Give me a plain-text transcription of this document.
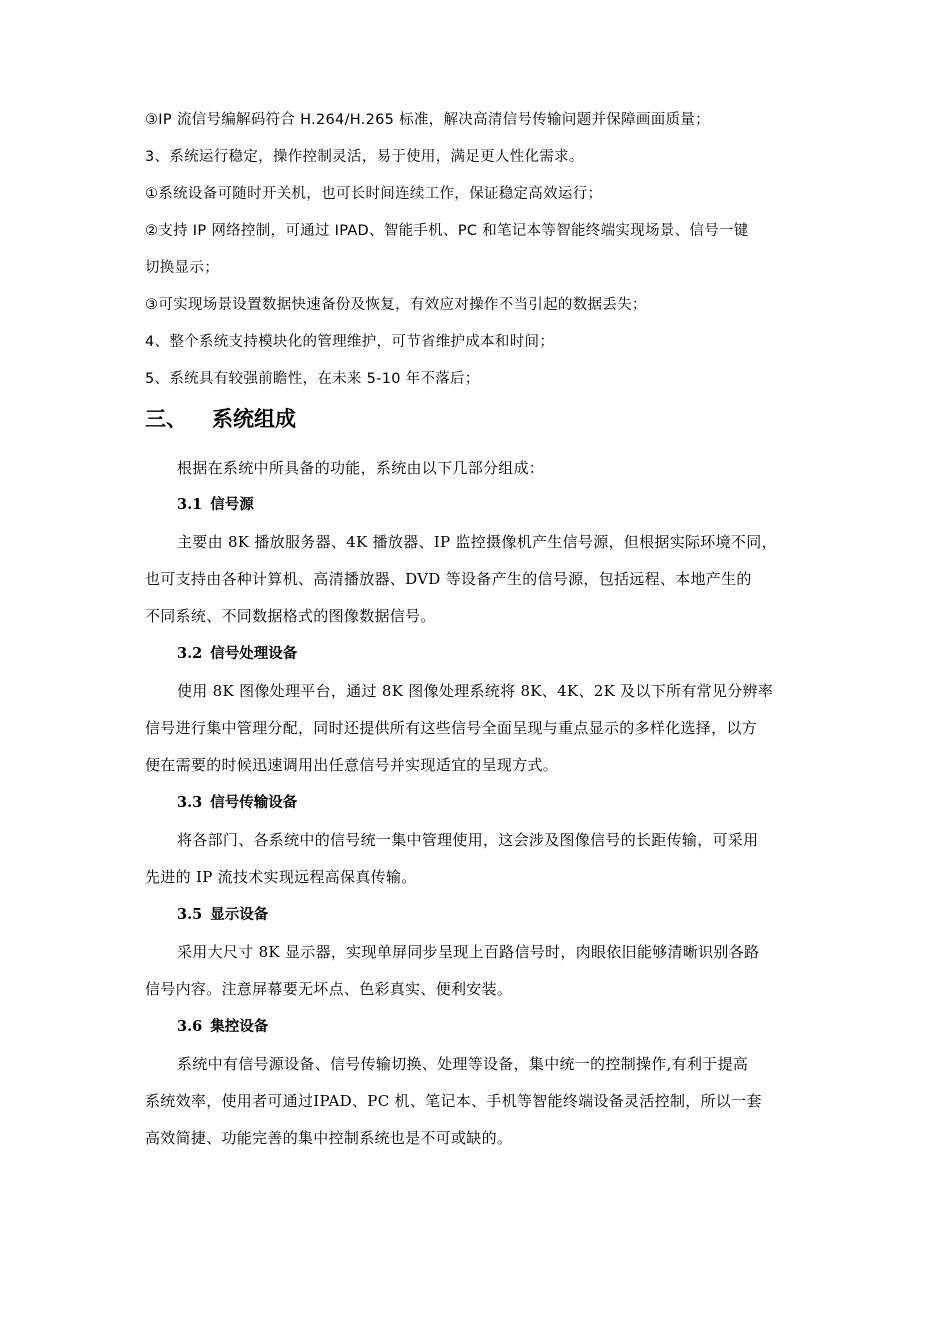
③IP 流信号编解码符合 H.264/H.265 标准，解决高清信号传输问题并保障画面质量；

3、系统运行稳定，操作控制灵活，易于使用，满足更人性化需求。

①系统设备可随时开关机，也可长时间连续工作，保证稳定高效运行；

②支持 IP 网络控制，可通过 IPAD、智能手机、PC 和笔记本等智能终端实现场景、信号一键

切换显示；

③可实现场景设置数据快速备份及恢复，有效应对操作不当引起的数据丢失；

4、整个系统支持模块化的管理维护，可节省维护成本和时间；

5、系统具有较强前瞻性，在未来 5-10 年不落后；

三、 系统组成

根据在系统中所具备的功能，系统由以下几部分组成：

3.1 信号源

主要由 8K 播放服务器、4K 播放器、IP 监控摄像机产生信号源，但根据实际环境不同，

也可支持由各种计算机、高清播放器、DVD 等设备产生的信号源，包括远程、本地产生的

不同系统、不同数据格式的图像数据信号。

3.2 信号处理设备

使用 8K 图像处理平台，通过 8K 图像处理系统将 8K、4K、2K 及以下所有常见分辨率

信号进行集中管理分配，同时还提供所有这些信号全面呈现与重点显示的多样化选择，以方

便在需要的时候迅速调用出任意信号并实现适宜的呈现方式。

3.3 信号传输设备

将各部门、各系统中的信号统一集中管理使用，这会涉及图像信号的长距传输，可采用

先进的 IP 流技术实现远程高保真传输。

3.5 显示设备

采用大尺寸 8K 显示器，实现单屏同步呈现上百路信号时，肉眼依旧能够清晰识别各路

信号内容。注意屏幕要无坏点、色彩真实、便利安装。

3.6 集控设备

系统中有信号源设备、信号传输切换、处理等设备，集中统一的控制操作,有利于提高

系统效率，使用者可通过IPAD、PC 机、笔记本、手机等智能终端设备灵活控制，所以一套

高效简捷、功能完善的集中控制系统也是不可或缺的。
